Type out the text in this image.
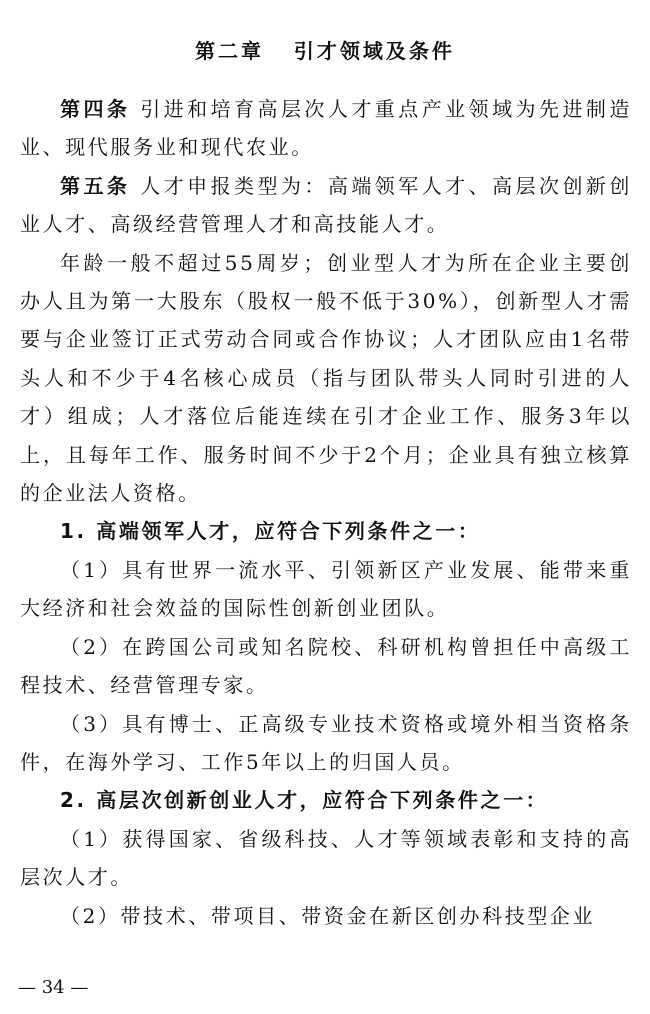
第二章   引才领域及条件

第四条 引进和培育高层次人才重点产业领域为先进制造业、现代服务业和现代农业。

第五条 人才申报类型为：高端领军人才、高层次创新创业人才、高级经营管理人才和高技能人才。

年龄一般不超过55周岁；创业型人才为所在企业主要创办人且为第一大股东（股权一般不低于30%），创新型人才需要与企业签订正式劳动合同或合作协议；人才团队应由1名带头人和不少于4名核心成员（指与团队带头人同时引进的人才）组成；人才落位后能连续在引才企业工作、服务3年以上，且每年工作、服务时间不少于2个月；企业具有独立核算的企业法人资格。

1. 高端领军人才，应符合下列条件之一：

（1）具有世界一流水平、引领新区产业发展、能带来重大经济和社会效益的国际性创新创业团队。

（2）在跨国公司或知名院校、科研机构曾担任中高级工程技术、经营管理专家。

（3）具有博士、正高级专业技术资格或境外相当资格条件，在海外学习、工作5年以上的归国人员。

2. 高层次创新创业人才，应符合下列条件之一：

（1）获得国家、省级科技、人才等领域表彰和支持的高层次人才。

（2）带技术、带项目、带资金在新区创办科技型企业

— 34 —
